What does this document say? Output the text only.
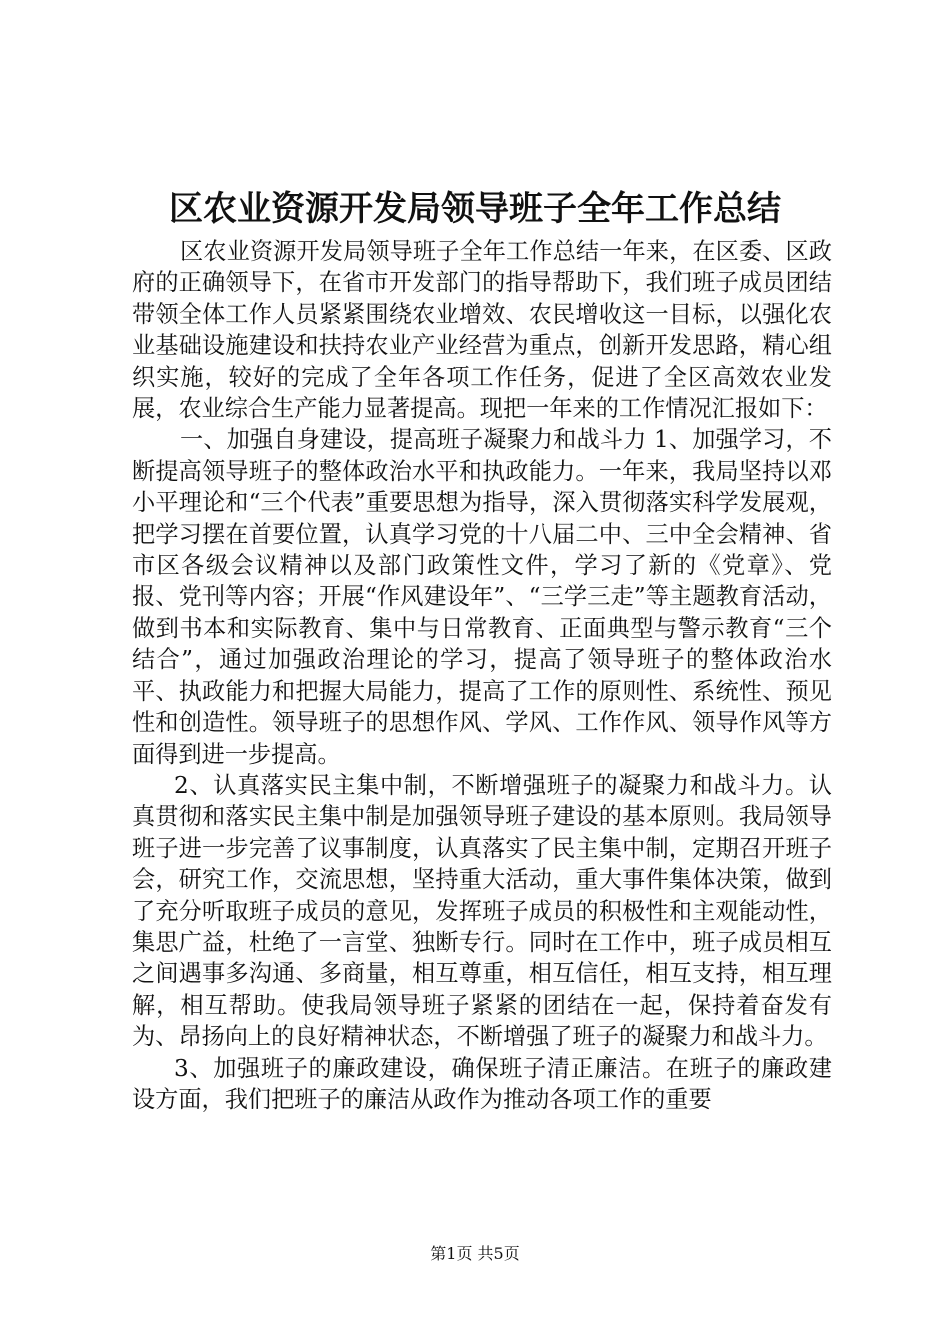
区农业资源开发局领导班子全年工作总结

区农业资源开发局领导班子全年工作总结一年来，在区委、区政府的正确领导下，在省市开发部门的指导帮助下，我们班子成员团结带领全体工作人员紧紧围绕农业增效、农民增收这一目标，以强化农业基础设施建设和扶持农业产业经营为重点，创新开发思路，精心组织实施，较好的完成了全年各项工作任务，促进了全区高效农业发展，农业综合生产能力显著提高。现把一年来的工作情况汇报如下：

一、加强自身建设，提高班子凝聚力和战斗力 1、加强学习，不断提高领导班子的整体政治水平和执政能力。一年来，我局坚持以邓小平理论和“三个代表”重要思想为指导，深入贯彻落实科学发展观，把学习摆在首要位置，认真学习党的十八届二中、三中全会精神、省市区各级会议精神以及部门政策性文件，学习了新的《党章》、党报、党刊等内容；开展“作风建设年”、“三学三走”等主题教育活动，做到书本和实际教育、集中与日常教育、正面典型与警示教育“三个结合”，通过加强政治理论的学习，提高了领导班子的整体政治水平、执政能力和把握大局能力，提高了工作的原则性、系统性、预见性和创造性。领导班子的思想作风、学风、工作作风、领导作风等方面得到进一步提高。

2、认真落实民主集中制，不断增强班子的凝聚力和战斗力。认真贯彻和落实民主集中制是加强领导班子建设的基本原则。我局领导班子进一步完善了议事制度，认真落实了民主集中制，定期召开班子会，研究工作，交流思想，坚持重大活动，重大事件集体决策，做到了充分听取班子成员的意见，发挥班子成员的积极性和主观能动性，集思广益，杜绝了一言堂、独断专行。同时在工作中，班子成员相互之间遇事多沟通、多商量，相互尊重，相互信任，相互支持，相互理解，相互帮助。使我局领导班子紧紧的团结在一起，保持着奋发有为、昂扬向上的良好精神状态，不断增强了班子的凝聚力和战斗力。

3、加强班子的廉政建设，确保班子清正廉洁。在班子的廉政建设方面，我们把班子的廉洁从政作为推动各项工作的重要

第1页 共5页
